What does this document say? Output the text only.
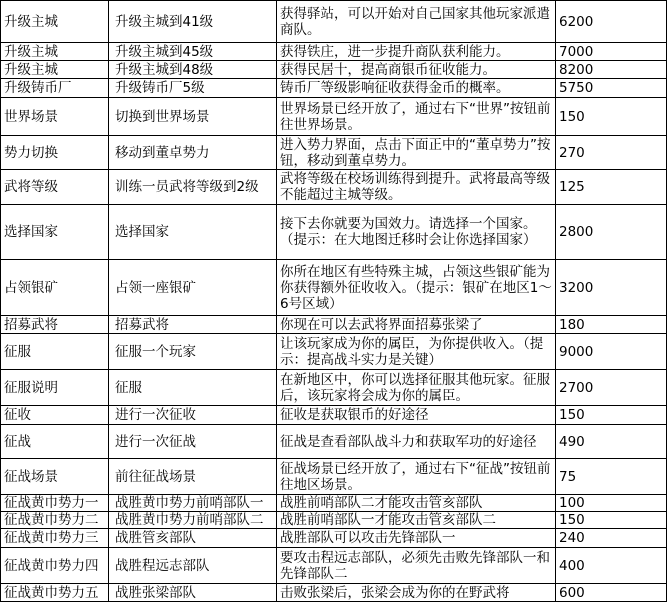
升级主城	升级主城到41级	获得驿站，可以开始对自己国家其他玩家派遣商队。	6200
升级主城	升级主城到45级	获得铁庄，进一步提升商队获利能力。	7000
升级主城	升级主城到48级	获得民居十，提高商银币征收能力。	8200
升级铸币厂	升级铸币厂5级	铸币厂等级影响征收获得金币的概率。	5750
世界场景	切换到世界场景	世界场景已经开放了，通过右下“世界”按钮前往世界场景。	150
势力切换	移动到董卓势力	进入势力界面，点击下面正中的“董卓势力”按钮，移动到董卓势力。	270
武将等级	训练一员武将等级到2级	武将等级在校场训练得到提升。武将最高等级不能超过主城等级。	125
选择国家	选择国家	接下去你就要为国效力。请选择一个国家。（提示：在大地图迁移时会让你选择国家）	2800
占领银矿	占领一座银矿	你所在地区有些特殊主城，占领这些银矿能为你获得额外征收收入。（提示：银矿在地区1～6号区域）	3200
招募武将	招募武将	你现在可以去武将界面招募张梁了	180
征服	征服一个玩家	让该玩家成为你的属臣，为你提供收入。（提示：提高战斗实力是关键）	9000
征服说明	征服	在新地区中，你可以选择征服其他玩家。征服后，该玩家将会成为你的属臣。	2700
征收	进行一次征收	征收是获取银币的好途径	150
征战	进行一次征战	征战是查看部队战斗力和获取军功的好途径	490
征战场景	前往征战场景	征战场景已经开放了，通过右下“征战”按钮前往地区场景。	75
征战黄巾势力一	战胜黄巾势力前哨部队一	战胜前哨部队二才能攻击管亥部队	100
征战黄巾势力二	战胜黄巾势力前哨部队二	战胜前哨部队一才能攻击管亥部队二	150
征战黄巾势力三	战胜管亥部队	战胜部队可以攻击先锋部队一	240
征战黄巾势力四	战胜程远志部队	要攻击程远志部队，必须先击败先锋部队一和先锋部队二	400
征战黄巾势力五	战胜张梁部队	击败张梁后，张梁会成为你的在野武将	600
